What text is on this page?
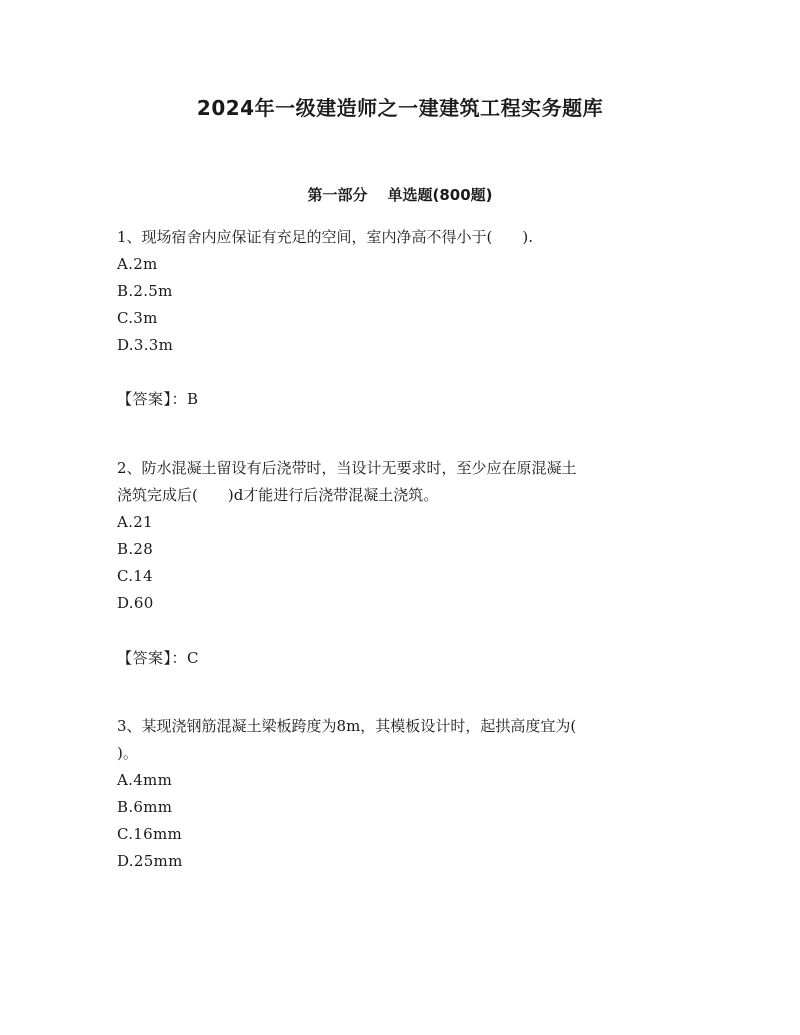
2024年一级建造师之一建建筑工程实务题库
第一部分 单选题(800题)
1、现场宿舍内应保证有充足的空间，室内净高不得小于(　　).
A.2m
B.2.5m
C.3m
D.3.3m
【答案】：B
2、防水混凝土留设有后浇带时，当设计无要求时，至少应在原混凝土
浇筑完成后(　　)d才能进行后浇带混凝土浇筑。
A.21
B.28
C.14
D.60
【答案】：C
3、某现浇钢筋混凝土梁板跨度为8m，其模板设计时，起拱高度宜为(
)。
A.4mm
B.6mm
C.16mm
D.25mm
